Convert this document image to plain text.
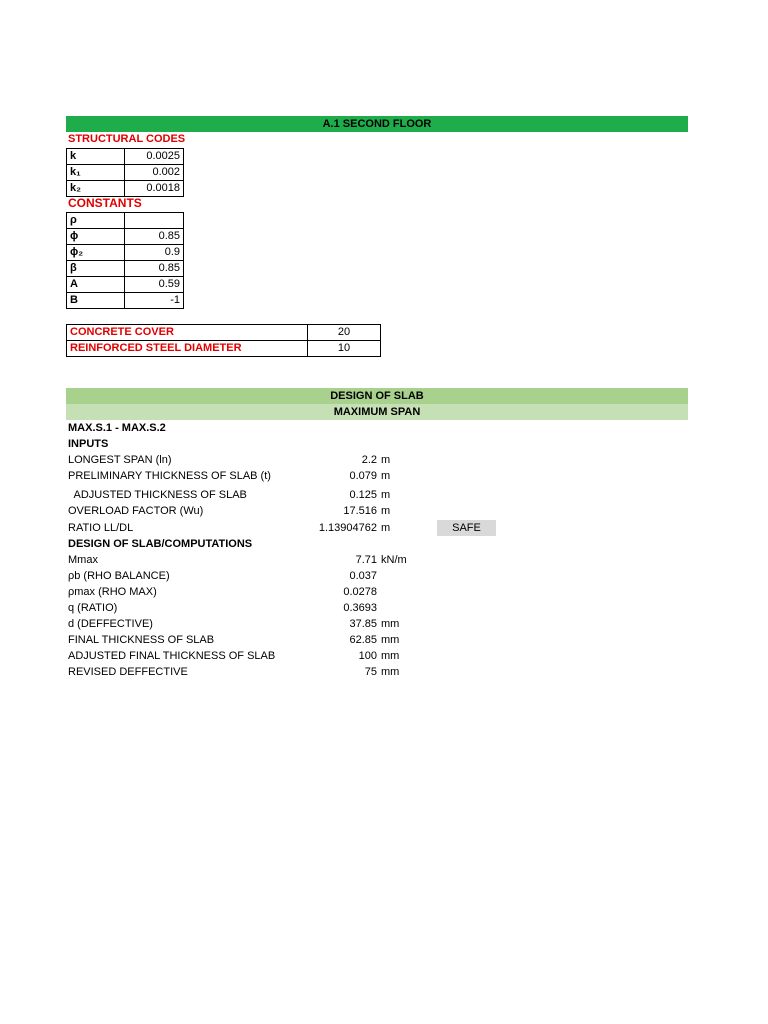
A.1 SECOND FLOOR
STRUCTURAL CODES
k	0.0025
k₁	0.002
k₂	0.0018
CONSTANTS
ρ	
ϕ	0.85
ϕ₂	0.9
β	0.85
A	0.59
B	-1
CONCRETE COVER	20
REINFORCED STEEL DIAMETER	10
DESIGN OF SLAB
MAXIMUM SPAN
MAX.S.1 - MAX.S.2
INPUTS
LONGEST SPAN (ln)	2.2 m
PRELIMINARY THICKNESS OF SLAB (t)	0.079 m
ADJUSTED THICKNESS OF SLAB	0.125 m
OVERLOAD FACTOR (Wu)	17.516 m
RATIO LL/DL	1.13904762 m	SAFE
DESIGN OF SLAB/COMPUTATIONS
Mmax	7.71 kN/m
ρb (RHO BALANCE)	0.037
ρmax (RHO MAX)	0.0278
q (RATIO)	0.3693
d (DEFFECTIVE)	37.85 mm
FINAL THICKNESS OF SLAB	62.85 mm
ADJUSTED FINAL THICKNESS OF SLAB	100 mm
REVISED DEFFECTIVE	75 mm
